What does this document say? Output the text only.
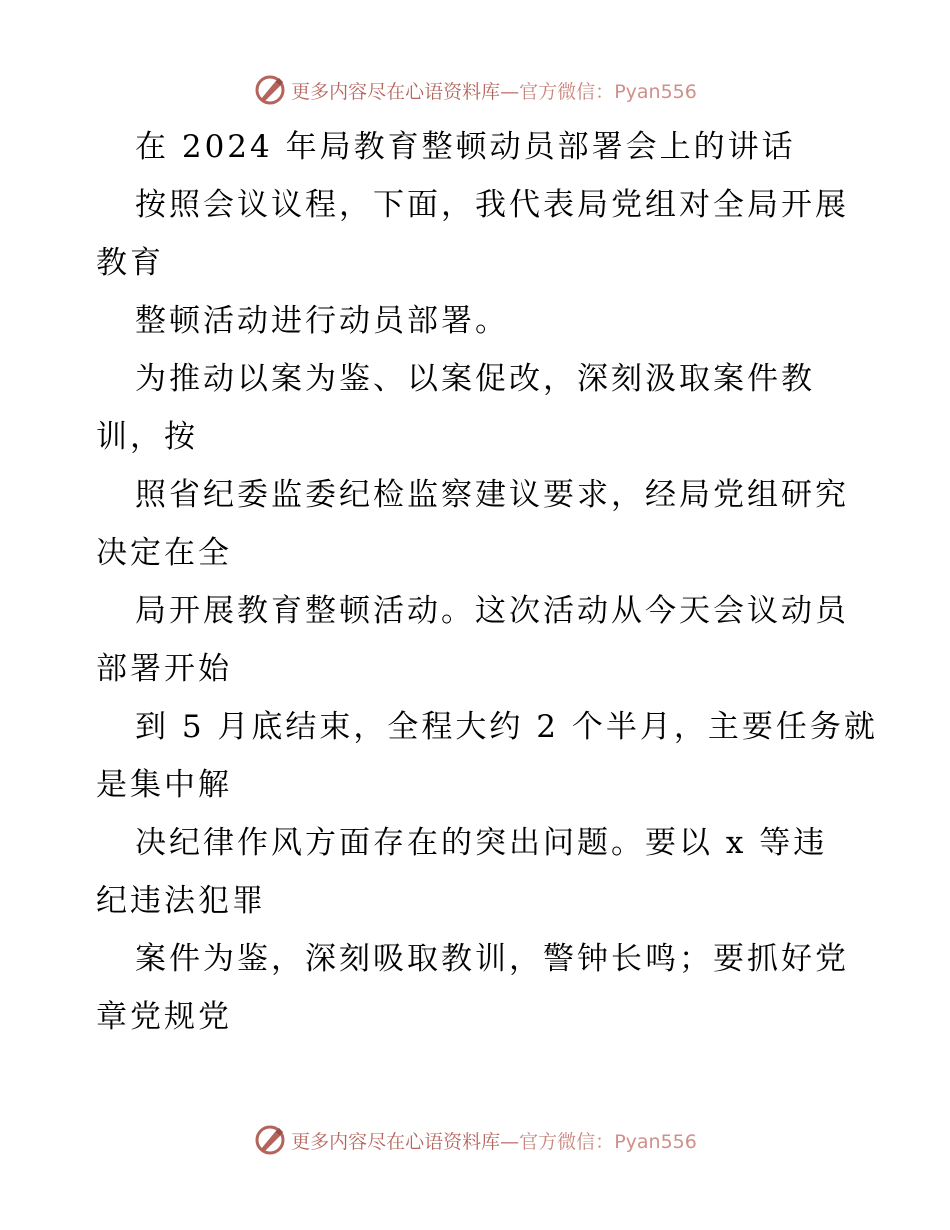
更多内容尽在心语资料库—官方微信：Pyan556
在 2024 年局教育整顿动员部署会上的讲话
按照会议议程，下面，我代表局党组对全局开展
教育
整顿活动进行动员部署。
为推动以案为鉴、以案促改，深刻汲取案件教
训，按
照省纪委监委纪检监察建议要求，经局党组研究
决定在全
局开展教育整顿活动。这次活动从今天会议动员
部署开始
到 5 月底结束，全程大约 2 个半月，主要任务就
是集中解
决纪律作风方面存在的突出问题。要以 x 等违
纪违法犯罪
案件为鉴，深刻吸取教训，警钟长鸣；要抓好党
章党规党
更多内容尽在心语资料库—官方微信：Pyan556
